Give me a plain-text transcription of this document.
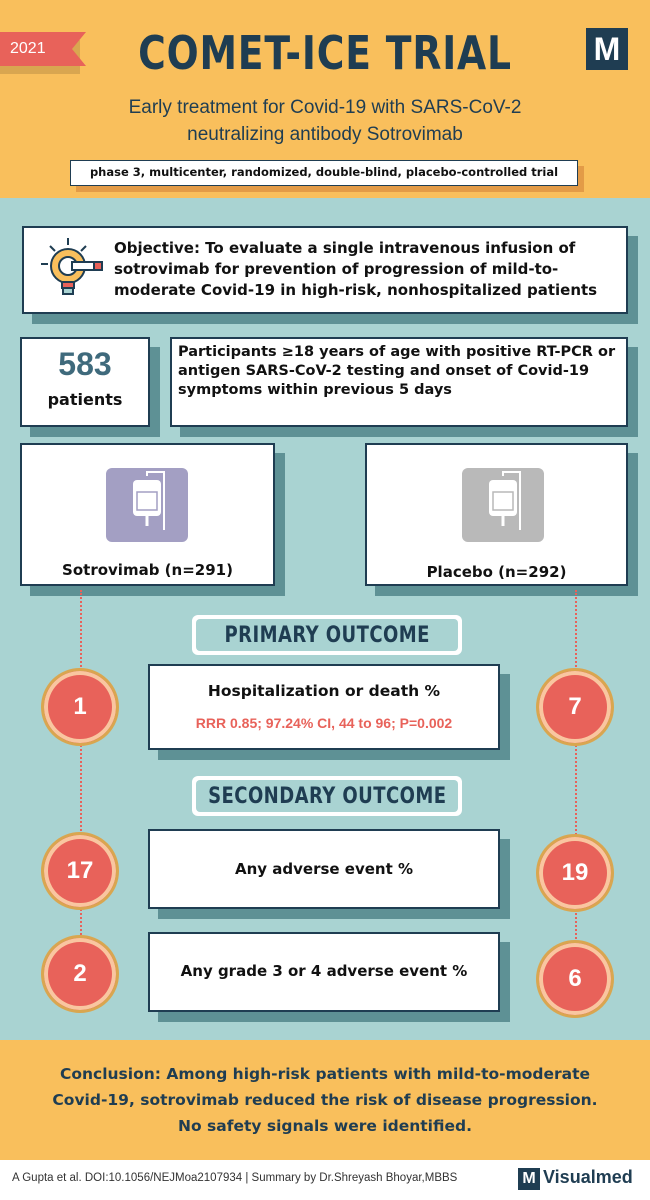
2021	COMET-ICE TRIAL	M
Early treatment for Covid-19 with SARS-CoV-2
neutralizing antibody Sotrovimab
phase 3, multicenter, randomized, double-blind, placebo-controlled trial
Objective: To evaluate a single intravenous infusion of sotrovimab for prevention of progression of mild-to-moderate Covid-19 in high-risk, nonhospitalized patients
583
patients
Participants ≥18 years of age with positive RT-PCR or antigen SARS-CoV-2 testing and onset of Covid-19 symptoms within previous 5 days
Sotrovimab (n=291)	Placebo (n=292)
PRIMARY OUTCOME
Hospitalization or death %
RRR 0.85; 97.24% CI, 44 to 96; P=0.002
1	7
SECONDARY OUTCOME
Any adverse event %
17	19
Any grade 3 or 4 adverse event %
2	6
Conclusion: Among high-risk patients with mild-to-moderate
Covid-19, sotrovimab reduced the risk of disease progression.
No safety signals were identified.
A Gupta et al. DOI:10.1056/NEJMoa2107934 | Summary by Dr.Shreyash Bhoyar,MBBS	M Visualmed
